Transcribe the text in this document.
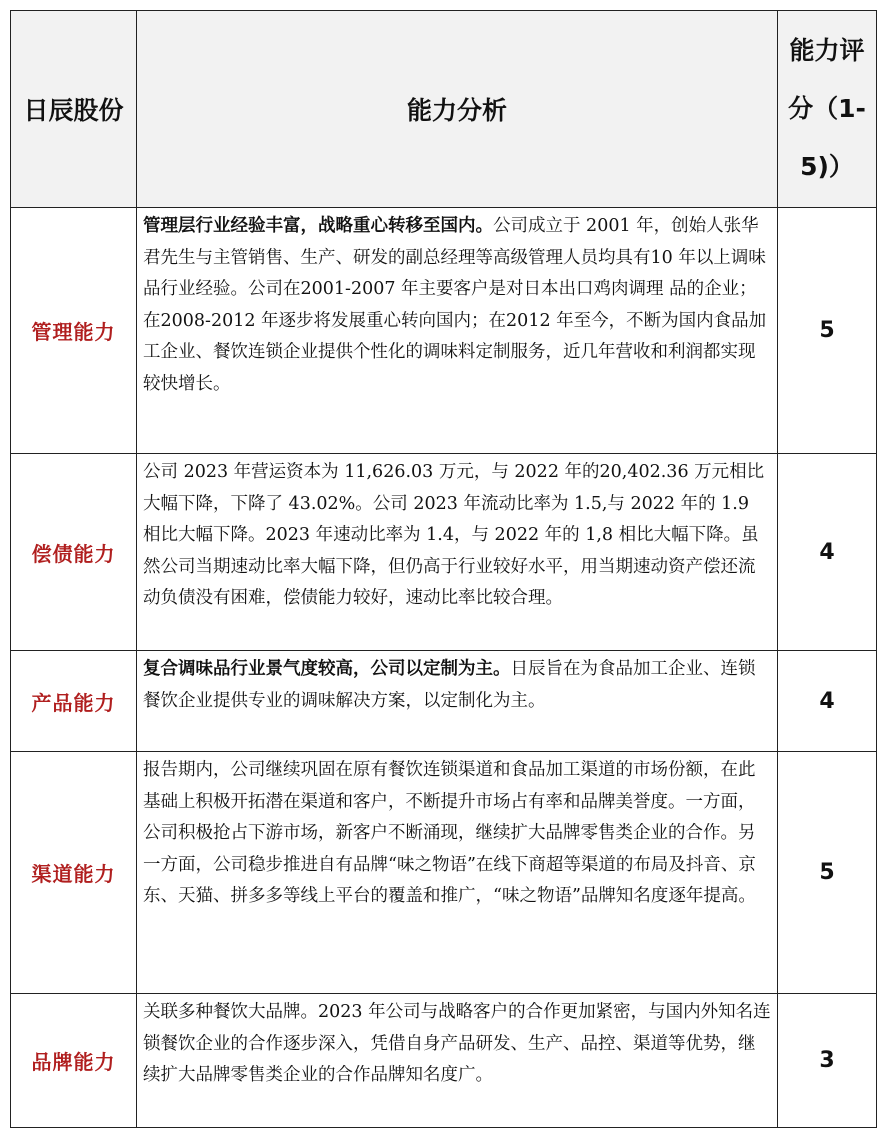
日辰股份	能力分析	能力评
分（1-
5)）

管理能力	管理层行业经验丰富，战略重心转移至国内。公司成立于 2001 年，创始人张华君先生与主管销售、生产、研发的副总经理等高级管理人员均具有10 年以上调味品行业经验。公司在2001-2007 年主要客户是对日本出口鸡肉调理 品的企业；在2008-2012 年逐步将发展重心转向国内；在2012 年至今，不断为国内食品加工企业、餐饮连锁企业提供个性化的调味料定制服务，近几年营收和利润都实现较快增长。	5
偿债能力	公司 2023 年营运资本为 11,626.03 万元，与 2022 年的20,402.36 万元相比大幅下降，下降了 43.02%。公司 2023 年流动比率为 1.5,与 2022 年的 1.9 相比大幅下降。2023 年速动比率为 1.4，与 2022 年的 1,8 相比大幅下降。虽然公司当期速动比率大幅下降，但仍高于行业较好水平，用当期速动资产偿还流动负债没有困难，偿债能力较好，速动比率比较合理。	4
产品能力	复合调味品行业景气度较高，公司以定制为主。日辰旨在为食品加工企业、连锁餐饮企业提供专业的调味解决方案，以定制化为主。	4
渠道能力	报告期内，公司继续巩固在原有餐饮连锁渠道和食品加工渠道的市场份额，在此基础上积极开拓潜在渠道和客户，不断提升市场占有率和品牌美誉度。一方面，公司积极抢占下游市场，新客户不断涌现，继续扩大品牌零售类企业的合作。另一方面，公司稳步推进自有品牌“味之物语”在线下商超等渠道的布局及抖音、京东、天猫、拼多多等线上平台的覆盖和推广，“味之物语”品牌知名度逐年提高。	5
品牌能力	关联多种餐饮大品牌。2023 年公司与战略客户的合作更加紧密，与国内外知名连锁餐饮企业的合作逐步深入，凭借自身产品研发、生产、品控、渠道等优势，继续扩大品牌零售类企业的合作品牌知名度广。	3
